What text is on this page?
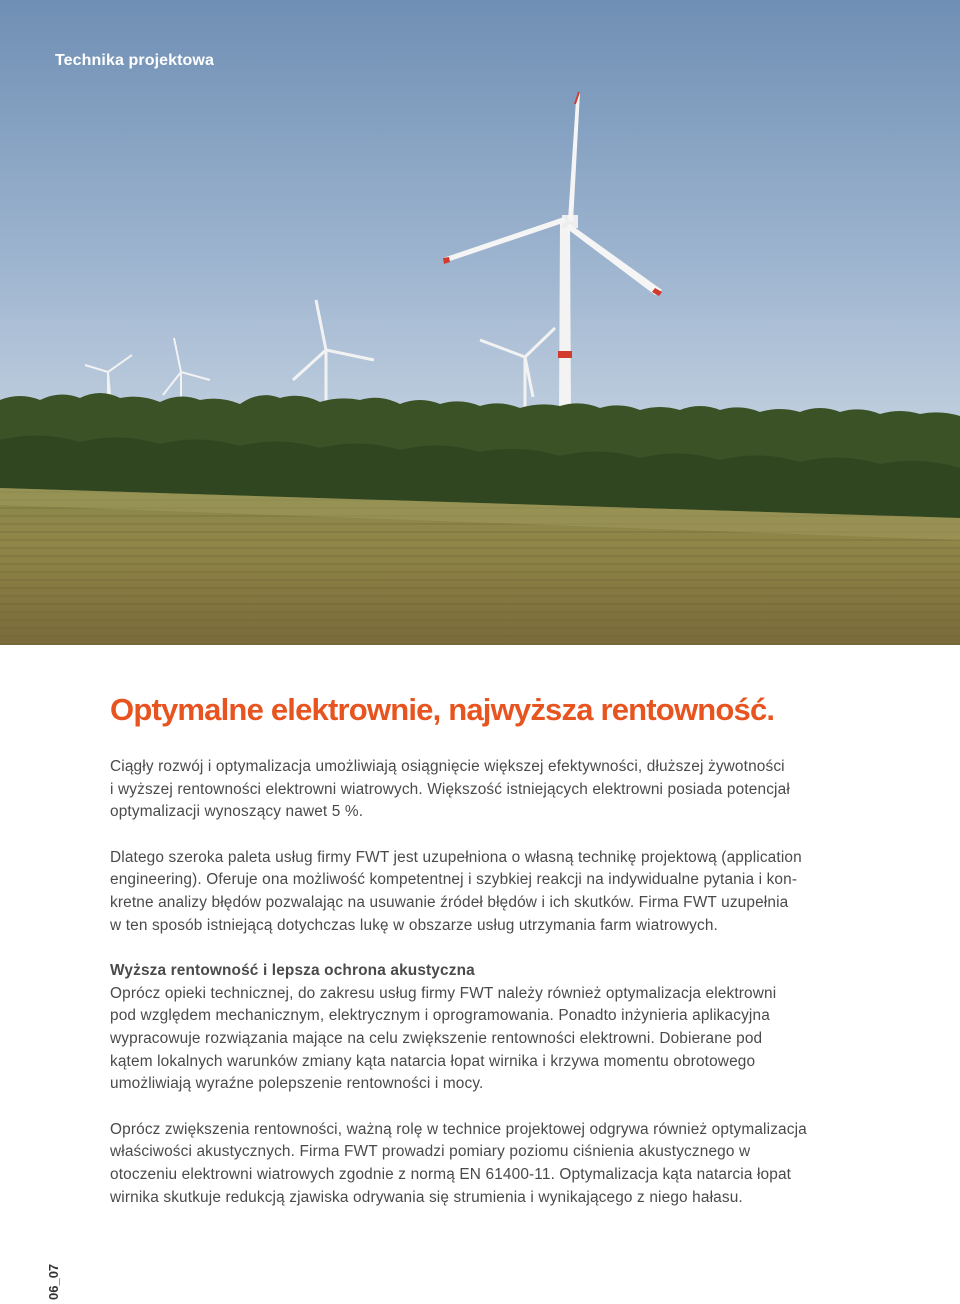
Technika projektowa
Optymalne elektrownie, najwyższa rentowność.

Ciągły rozwój i optymalizacja umożliwiają osiągnięcie większej efektywności, dłuższej żywotności
i wyższej rentowności elektrowni wiatrowych. Większość istniejących elektrowni posiada potencjał
optymalizacji wynoszący nawet 5 %.

Dlatego szeroka paleta usług firmy FWT jest uzupełniona o własną technikę projektową (application
engineering). Oferuje ona możliwość kompetentnej i szybkiej reakcji na indywidualne pytania i kon-
kretne analizy błędów pozwalając na usuwanie źródeł błędów i ich skutków. Firma FWT uzupełnia
w ten sposób istniejącą dotychczas lukę w obszarze usług utrzymania farm wiatrowych.

Wyższa rentowność i lepsza ochrona akustyczna

Oprócz opieki technicznej, do zakresu usług firmy FWT należy również optymalizacja elektrowni
pod względem mechanicznym, elektrycznym i oprogramowania. Ponadto inżynieria aplikacyjna
wypracowuje rozwiązania mające na celu zwiększenie rentowności elektrowni. Dobierane pod
kątem lokalnych warunków zmiany kąta natarcia łopat wirnika i krzywa momentu obrotowego
umożliwiają wyraźne polepszenie rentowności i mocy.

Oprócz zwiększenia rentowności, ważną rolę w technice projektowej odgrywa również optymalizacja
właściwości akustycznych. Firma FWT prowadzi pomiary poziomu ciśnienia akustycznego w
otoczeniu elektrowni wiatrowych zgodnie z normą EN 61400-11. Optymalizacja kąta natarcia łopat
wirnika skutkuje redukcją zjawiska odrywania się strumienia i wynikającego z niego hałasu.

06_07
